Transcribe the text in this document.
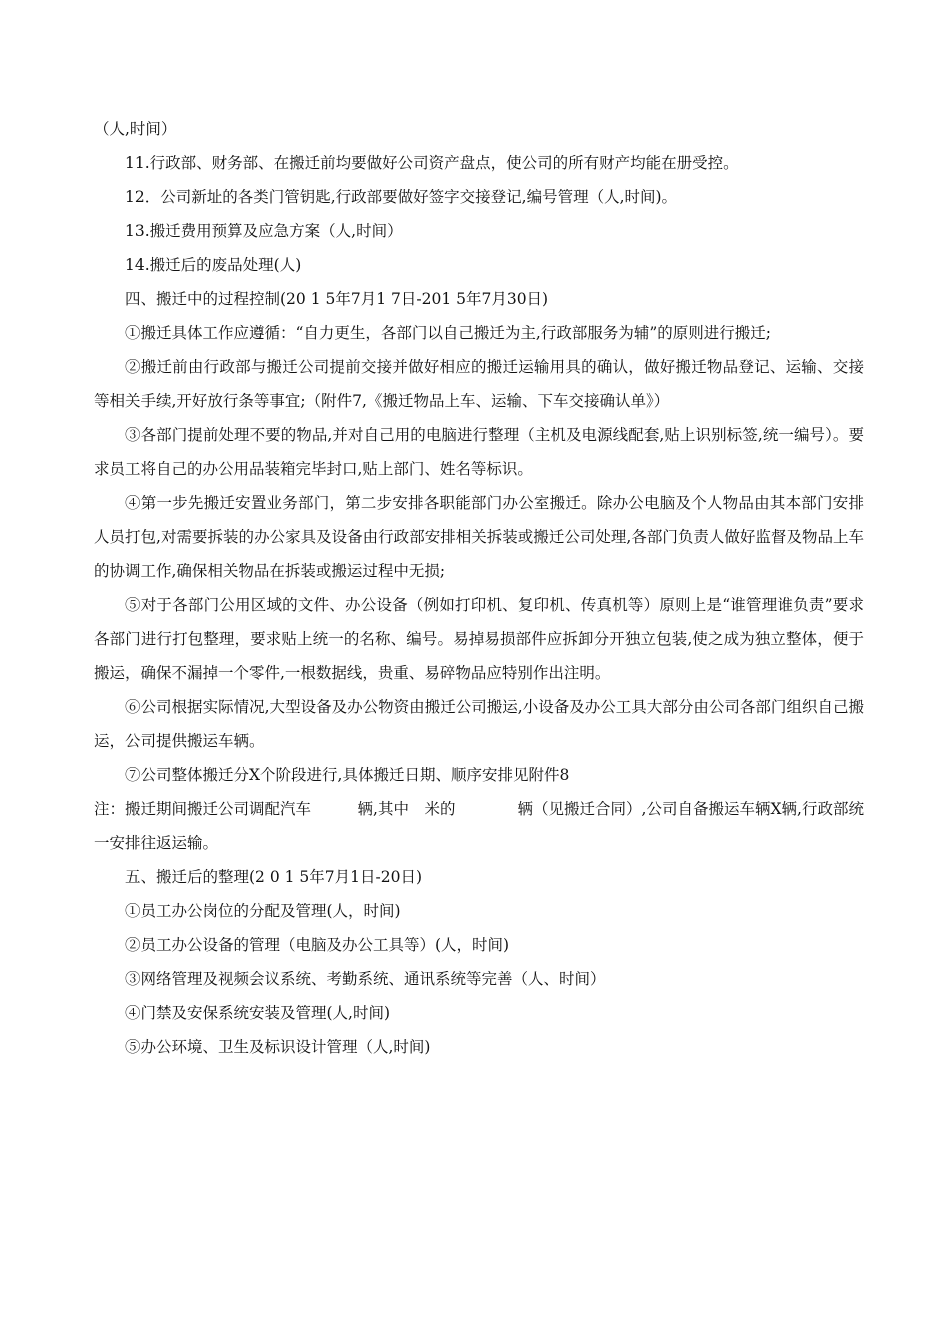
（人,时间）

11.行政部、财务部、在搬迁前均要做好公司资产盘点，使公司的所有财产均能在册受控。

12．公司新址的各类门管钥匙,行政部要做好签字交接登记,编号管理（人,时间)。

13.搬迁费用预算及应急方案（人,时间）

14.搬迁后的废品处理(人)

四、搬迁中的过程控制(20 1 5年7月1 7日-201 5年7月30日)

①搬迁具体工作应遵循：“自力更生，各部门以自己搬迁为主,行政部服务为辅”的原则进行搬迁;

②搬迁前由行政部与搬迁公司提前交接并做好相应的搬迁运输用具的确认，做好搬迁物品登记、运输、交接等相关手续,开好放行条等事宜;（附件7,《搬迁物品上车、运输、下车交接确认单》）

③各部门提前处理不要的物品,并对自己用的电脑进行整理（主机及电源线配套,贴上识别标签,统一编号）。要求员工将自己的办公用品装箱完毕封口,贴上部门、姓名等标识。

④第一步先搬迁安置业务部门，第二步安排各职能部门办公室搬迁。除办公电脑及个人物品由其本部门安排人员打包,对需要拆装的办公家具及设备由行政部安排相关拆装或搬迁公司处理,各部门负责人做好监督及物品上车的协调工作,确保相关物品在拆装或搬运过程中无损;

⑤对于各部门公用区域的文件、办公设备（例如打印机、复印机、传真机等）原则上是“谁管理谁负责”要求各部门进行打包整理，要求贴上统一的名称、编号。易掉易损部件应拆卸分开独立包装,使之成为独立整体，便于搬运，确保不漏掉一个零件,一根数据线，贵重、易碎物品应特别作出注明。

⑥公司根据实际情况,大型设备及办公物资由搬迁公司搬运,小设备及办公工具大部分由公司各部门组织自己搬运，公司提供搬运车辆。

⑦公司整体搬迁分X个阶段进行,具体搬迁日期、顺序安排见附件8

注：搬迁期间搬迁公司调配汽车　　　辆,其中　米的　　　　辆（见搬迁合同）,公司自备搬运车辆X辆,行政部统一安排往返运输。

五、搬迁后的整理(2 0 1 5年7月1日-20日)

①员工办公岗位的分配及管理(人，时间)

②员工办公设备的管理（电脑及办公工具等）(人，时间)

③网络管理及视频会议系统、考勤系统、通讯系统等完善（人、时间）

④门禁及安保系统安装及管理(人,时间)

⑤办公环境、卫生及标识设计管理（人,时间)
